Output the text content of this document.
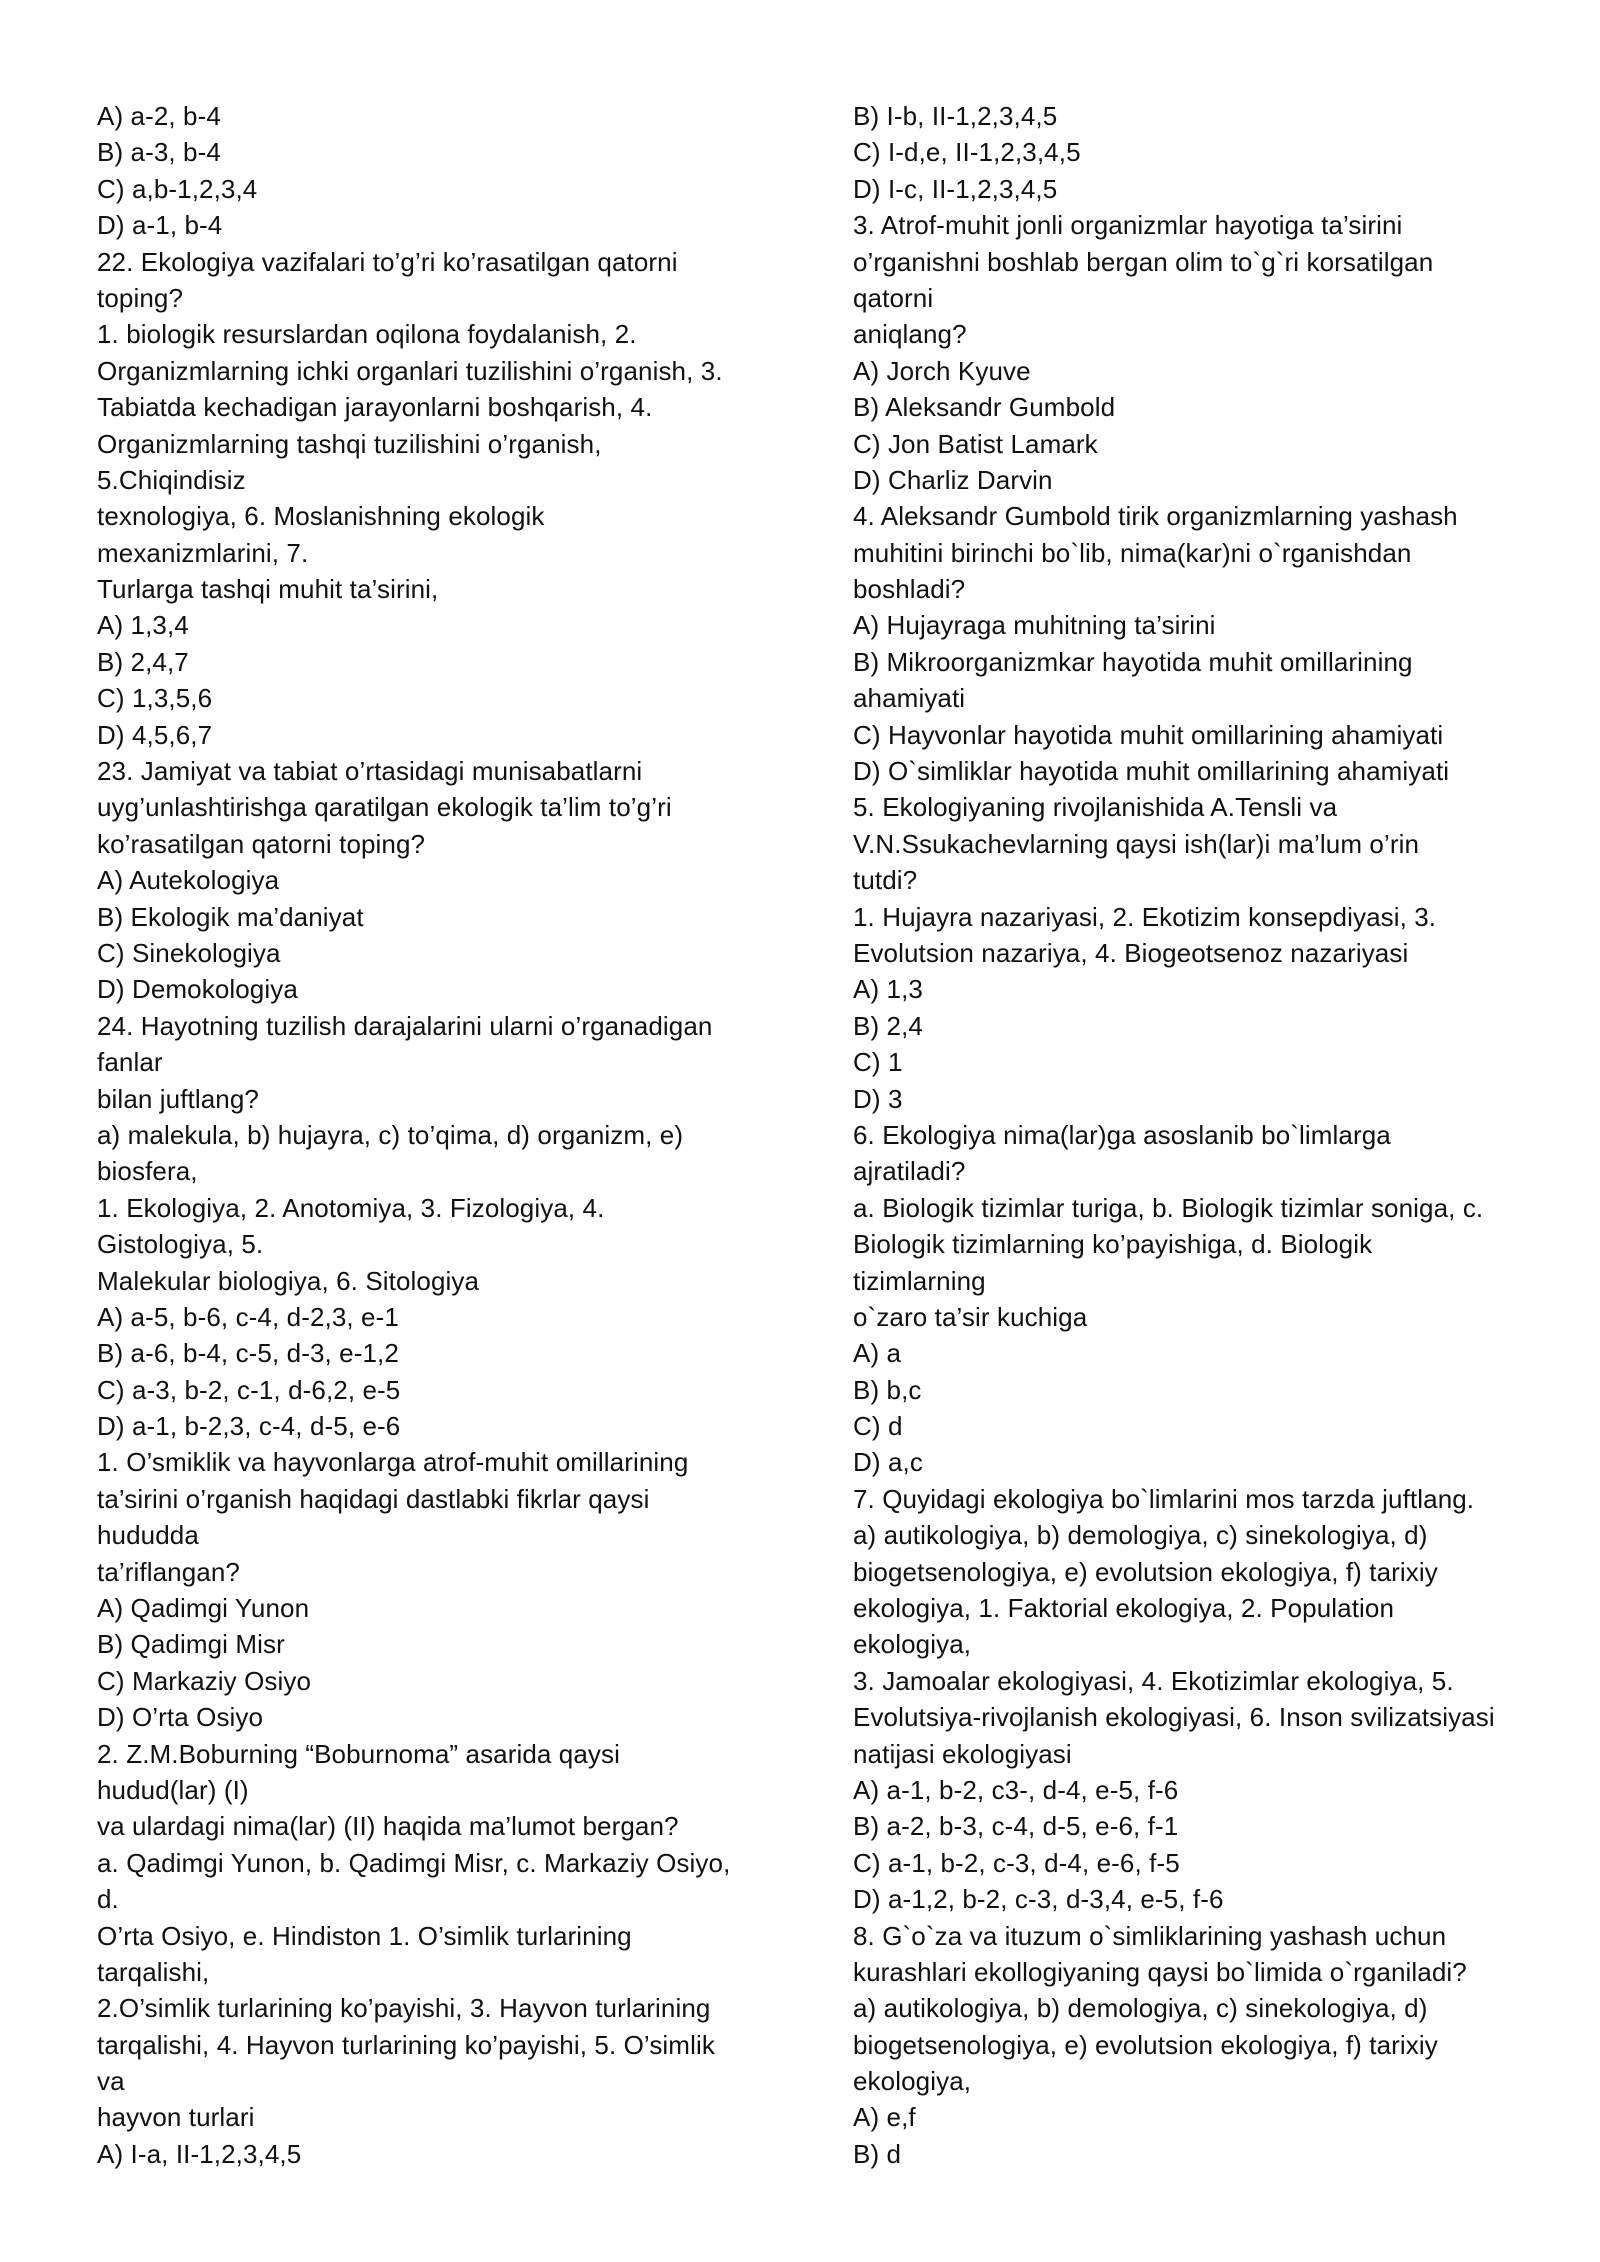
A) a-2, b-4
B) a-3, b-4
C) a,b-1,2,3,4
D) a-1, b-4
22. Ekologiya vazifalari to’g’ri ko’rasatilgan qatorni
toping?
1. biologik resurslardan oqilona foydalanish, 2.
Organizmlarning ichki organlari tuzilishini o’rganish, 3.
Tabiatda kechadigan jarayonlarni boshqarish, 4.
Organizmlarning tashqi tuzilishini o’rganish,
5.Chiqindisiz
texnologiya, 6. Moslanishning ekologik
mexanizmlarini, 7.
Turlarga tashqi muhit ta’sirini,
A) 1,3,4
B) 2,4,7
C) 1,3,5,6
D) 4,5,6,7
23. Jamiyat va tabiat o’rtasidagi munisabatlarni
uyg’unlashtirishga qaratilgan ekologik ta’lim to’g’ri
ko’rasatilgan qatorni toping?
A) Autekologiya
B) Ekologik ma’daniyat
C) Sinekologiya
D) Demokologiya
24. Hayotning tuzilish darajalarini ularni o’rganadigan
fanlar
bilan juftlang?
a) malekula, b) hujayra, c) to’qima, d) organizm, e)
biosfera,
1. Ekologiya, 2. Anotomiya, 3. Fizologiya, 4.
Gistologiya, 5.
Malekular biologiya, 6. Sitologiya
A) a-5, b-6, c-4, d-2,3, e-1
B) a-6, b-4, c-5, d-3, e-1,2
C) a-3, b-2, c-1, d-6,2, e-5
D) a-1, b-2,3, c-4, d-5, e-6
1. O’smiklik va hayvonlarga atrof-muhit omillarining
ta’sirini o’rganish haqidagi dastlabki fikrlar qaysi
hududda
ta’riflangan?
A) Qadimgi Yunon
B) Qadimgi Misr
C) Markaziy Osiyo
D) O’rta Osiyo
2. Z.M.Boburning “Boburnoma” asarida qaysi
hudud(lar) (I)
va ulardagi nima(lar) (II) haqida ma’lumot bergan?
a. Qadimgi Yunon, b. Qadimgi Misr, c. Markaziy Osiyo,
d.
O’rta Osiyo, e. Hindiston 1. O’simlik turlarining
tarqalishi,
2.O’simlik turlarining ko’payishi, 3. Hayvon turlarining
tarqalishi, 4. Hayvon turlarining ko’payishi, 5. O’simlik
va
hayvon turlari
A) I-a, II-1,2,3,4,5
B) I-b, II-1,2,3,4,5
C) I-d,e, II-1,2,3,4,5
D) I-c, II-1,2,3,4,5
3. Atrof-muhit jonli organizmlar hayotiga ta’sirini
o’rganishni boshlab bergan olim to`g`ri korsatilgan
qatorni
aniqlang?
A) Jorch Kyuve
B) Aleksandr Gumbold
C) Jon Batist Lamark
D) Charliz Darvin
4. Aleksandr Gumbold tirik organizmlarning yashash
muhitini birinchi bo`lib, nima(kar)ni o`rganishdan
boshladi?
A) Hujayraga muhitning ta’sirini
B) Mikroorganizmkar hayotida muhit omillarining
ahamiyati
C) Hayvonlar hayotida muhit omillarining ahamiyati
D) O`simliklar hayotida muhit omillarining ahamiyati
5. Ekologiyaning rivojlanishida A.Tensli va
V.N.Ssukachevlarning qaysi ish(lar)i ma’lum o’rin
tutdi?
1. Hujayra nazariyasi, 2. Ekotizim konsepdiyasi, 3.
Evolutsion nazariya, 4. Biogeotsenoz nazariyasi
A) 1,3
B) 2,4
C) 1
D) 3
6. Ekologiya nima(lar)ga asoslanib bo`limlarga
ajratiladi?
a. Biologik tizimlar turiga, b. Biologik tizimlar soniga, c.
Biologik tizimlarning ko’payishiga, d. Biologik
tizimlarning
o`zaro ta’sir kuchiga
A) a
B) b,c
C) d
D) a,c
7. Quyidagi ekologiya bo`limlarini mos tarzda juftlang.
a) autikologiya, b) demologiya, c) sinekologiya, d)
biogetsenologiya, e) evolutsion ekologiya, f) tarixiy
ekologiya, 1. Faktorial ekologiya, 2. Population
ekologiya,
3. Jamoalar ekologiyasi, 4. Ekotizimlar ekologiya, 5.
Evolutsiya-rivojlanish ekologiyasi, 6. Inson svilizatsiyasi
natijasi ekologiyasi
A) a-1, b-2, c3-, d-4, e-5, f-6
B) a-2, b-3, c-4, d-5, e-6, f-1
C) a-1, b-2, c-3, d-4, e-6, f-5
D) a-1,2, b-2, c-3, d-3,4, e-5, f-6
8. G`o`za va ituzum o`simliklarining yashash uchun
kurashlari ekollogiyaning qaysi bo`limida o`rganiladi?
a) autikologiya, b) demologiya, c) sinekologiya, d)
biogetsenologiya, e) evolutsion ekologiya, f) tarixiy
ekologiya,
A) e,f
B) d
